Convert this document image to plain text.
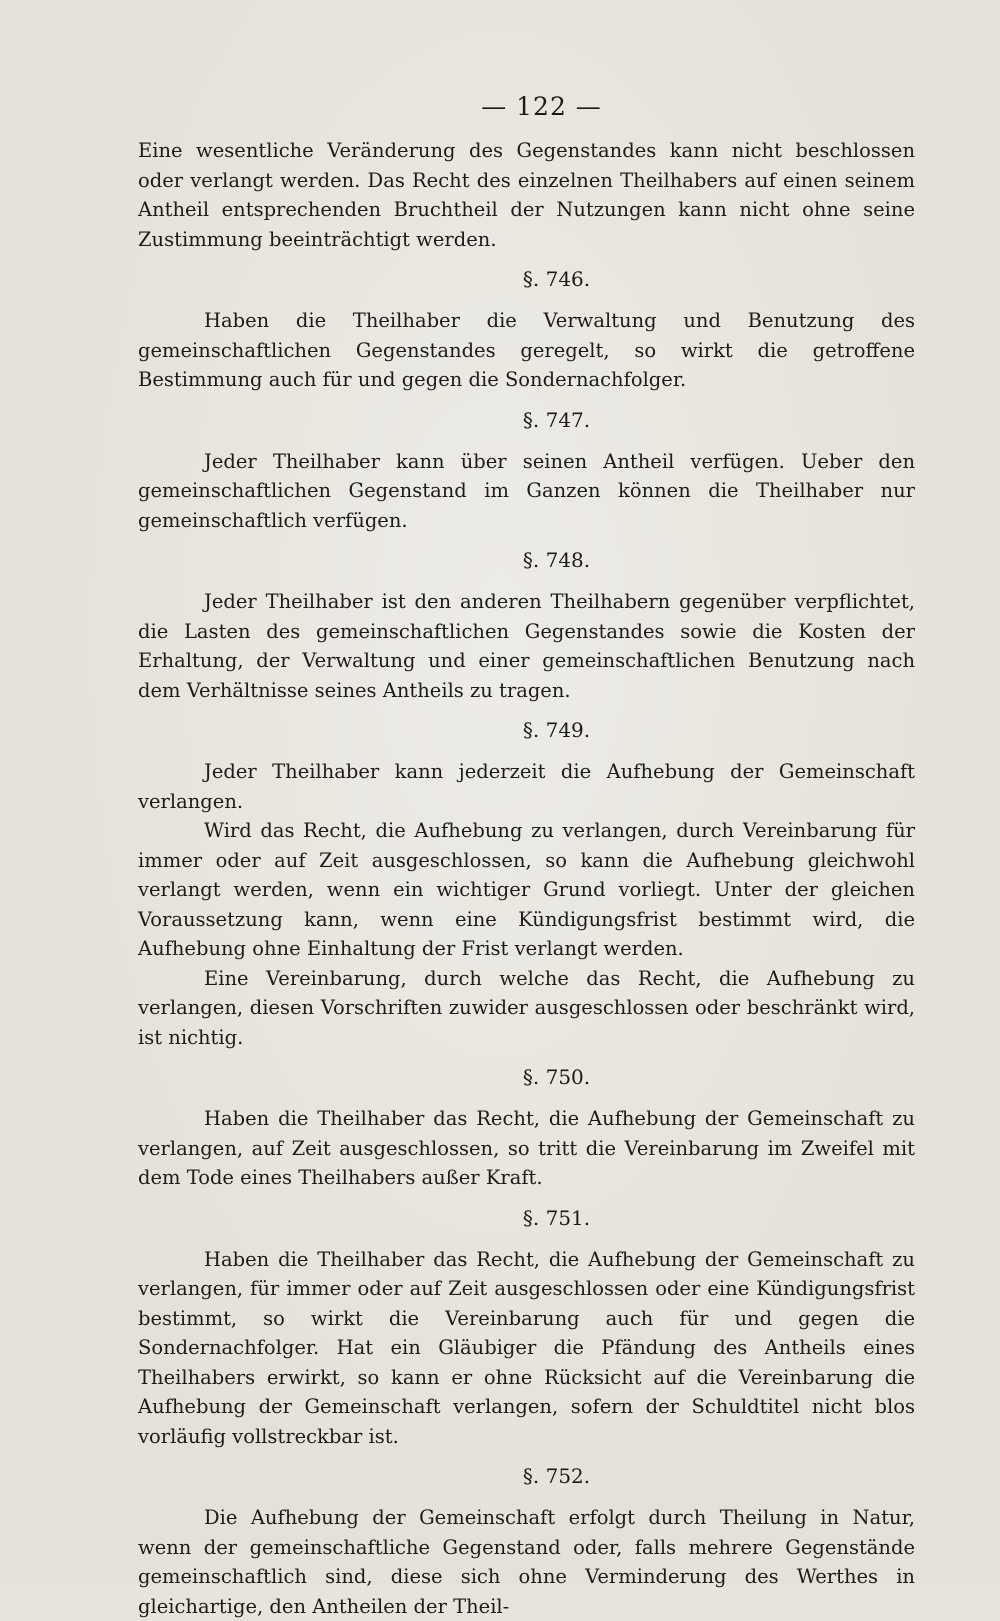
— 122 —

Eine wesentliche Veränderung des Gegenstandes kann nicht beschlossen oder verlangt werden. Das Recht des einzelnen Theilhabers auf einen seinem Antheil entsprechenden Bruchtheil der Nutzungen kann nicht ohne seine Zustimmung beeinträchtigt werden.

§. 746.

Haben die Theilhaber die Verwaltung und Benutzung des gemeinschaftlichen Gegenstandes geregelt, so wirkt die getroffene Bestimmung auch für und gegen die Sondernachfolger.

§. 747.

Jeder Theilhaber kann über seinen Antheil verfügen. Ueber den gemeinschaftlichen Gegenstand im Ganzen können die Theilhaber nur gemeinschaftlich verfügen.

§. 748.

Jeder Theilhaber ist den anderen Theilhabern gegenüber verpflichtet, die Lasten des gemeinschaftlichen Gegenstandes sowie die Kosten der Erhaltung, der Verwaltung und einer gemeinschaftlichen Benutzung nach dem Verhältnisse seines Antheils zu tragen.

§. 749.

Jeder Theilhaber kann jederzeit die Aufhebung der Gemeinschaft verlangen.

Wird das Recht, die Aufhebung zu verlangen, durch Vereinbarung für immer oder auf Zeit ausgeschlossen, so kann die Aufhebung gleichwohl verlangt werden, wenn ein wichtiger Grund vorliegt. Unter der gleichen Voraussetzung kann, wenn eine Kündigungsfrist bestimmt wird, die Aufhebung ohne Einhaltung der Frist verlangt werden.

Eine Vereinbarung, durch welche das Recht, die Aufhebung zu verlangen, diesen Vorschriften zuwider ausgeschlossen oder beschränkt wird, ist nichtig.

§. 750.

Haben die Theilhaber das Recht, die Aufhebung der Gemeinschaft zu verlangen, auf Zeit ausgeschlossen, so tritt die Vereinbarung im Zweifel mit dem Tode eines Theilhabers außer Kraft.

§. 751.

Haben die Theilhaber das Recht, die Aufhebung der Gemeinschaft zu verlangen, für immer oder auf Zeit ausgeschlossen oder eine Kündigungsfrist bestimmt, so wirkt die Vereinbarung auch für und gegen die Sondernachfolger. Hat ein Gläubiger die Pfändung des Antheils eines Theilhabers erwirkt, so kann er ohne Rücksicht auf die Vereinbarung die Aufhebung der Gemeinschaft verlangen, sofern der Schuldtitel nicht blos vorläufig vollstreckbar ist.

§. 752.

Die Aufhebung der Gemeinschaft erfolgt durch Theilung in Natur, wenn der gemeinschaftliche Gegenstand oder, falls mehrere Gegenstände gemeinschaftlich sind, diese sich ohne Verminderung des Werthes in gleichartige, den Antheilen der Theil-
